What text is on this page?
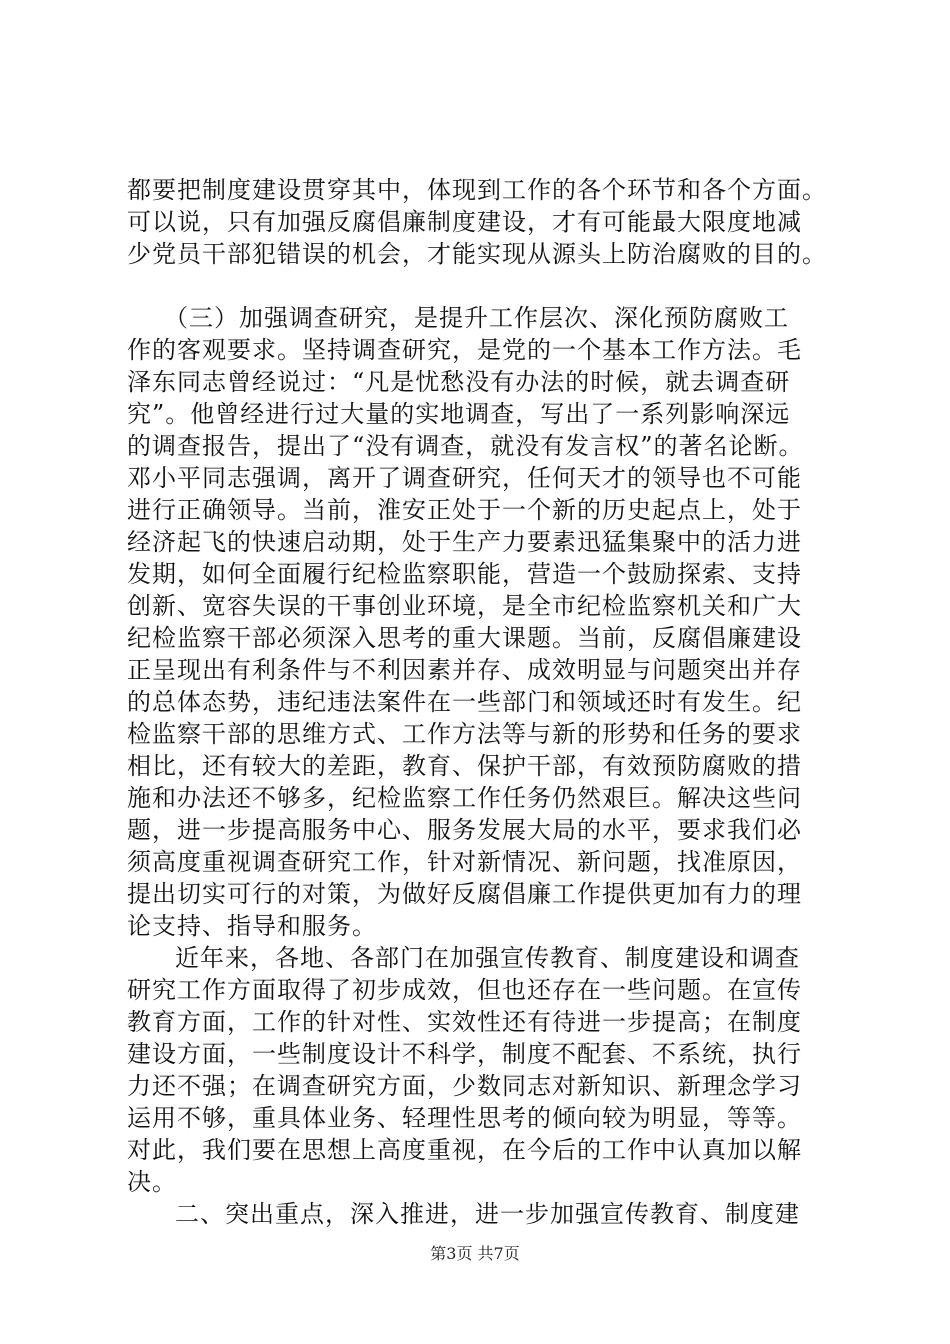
都要把制度建设贯穿其中，体现到工作的各个环节和各个方面。
可以说，只有加强反腐倡廉制度建设，才有可能最大限度地减
少党员干部犯错误的机会，才能实现从源头上防治腐败的目的。
　（三）加强调查研究，是提升工作层次、深化预防腐败工
作的客观要求。坚持调查研究，是党的一个基本工作方法。毛
泽东同志曾经说过：“凡是忧愁没有办法的时候，就去调查研
究”。他曾经进行过大量的实地调查，写出了一系列影响深远
的调查报告，提出了“没有调查，就没有发言权”的著名论断。
邓小平同志强调，离开了调查研究，任何天才的领导也不可能
进行正确领导。当前，淮安正处于一个新的历史起点上，处于
经济起飞的快速启动期，处于生产力要素迅猛集聚中的活力进
发期，如何全面履行纪检监察职能，营造一个鼓励探索、支持
创新、宽容失误的干事创业环境，是全市纪检监察机关和广大
纪检监察干部必须深入思考的重大课题。当前，反腐倡廉建设
正呈现出有利条件与不利因素并存、成效明显与问题突出并存
的总体态势，违纪违法案件在一些部门和领域还时有发生。纪
检监察干部的思维方式、工作方法等与新的形势和任务的要求
相比，还有较大的差距，教育、保护干部，有效预防腐败的措
施和办法还不够多，纪检监察工作任务仍然艰巨。解决这些问
题，进一步提高服务中心、服务发展大局的水平，要求我们必
须高度重视调查研究工作，针对新情况、新问题，找准原因，
提出切实可行的对策，为做好反腐倡廉工作提供更加有力的理
论支持、指导和服务。
近年来，各地、各部门在加强宣传教育、制度建设和调查
研究工作方面取得了初步成效，但也还存在一些问题。在宣传
教育方面，工作的针对性、实效性还有待进一步提高；在制度
建设方面，一些制度设计不科学，制度不配套、不系统，执行
力还不强；在调查研究方面，少数同志对新知识、新理念学习
运用不够，重具体业务、轻理性思考的倾向较为明显，等等。
对此，我们要在思想上高度重视，在今后的工作中认真加以解
决。
二、突出重点，深入推进，进一步加强宣传教育、制度建
第3页 共7页
